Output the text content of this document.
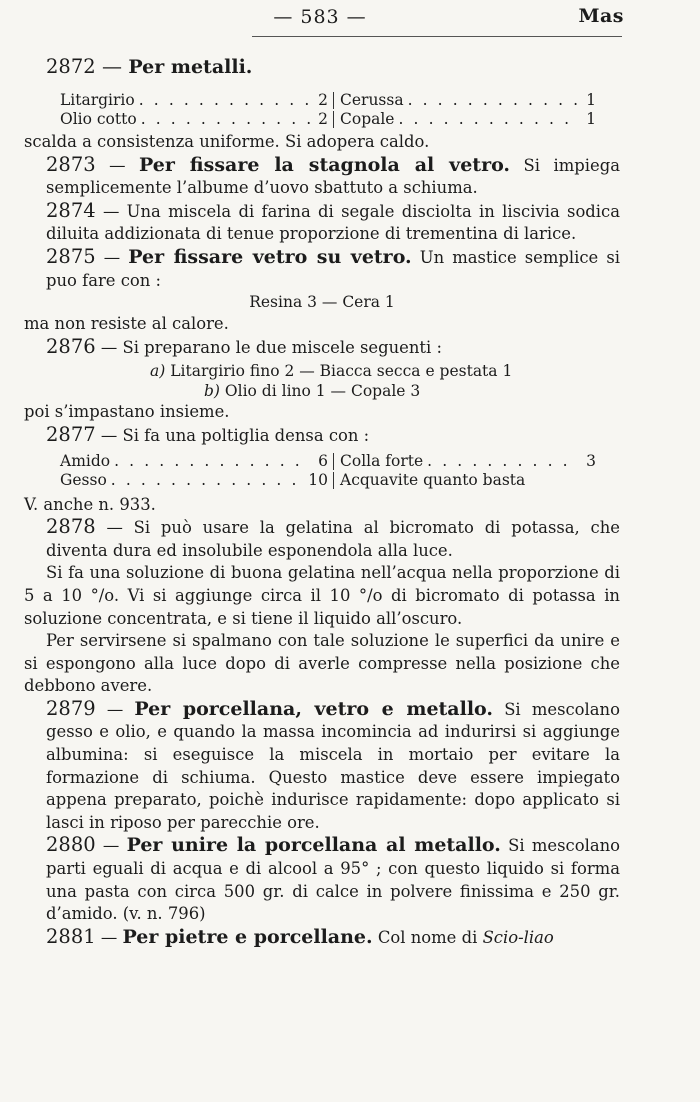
— 583 —	Mas

2872 — Per metalli.

Litargirio . . .	2 Cerussa . . .	1
Olio cotto . . .	2 Copale . . .	1

scalda a consistenza uniforme. Si adopera caldo.

2873 — Per fissare la stagnola al vetro. Si impiega semplicemente l’albume d’uovo sbattuto a schiuma.

2874 — Una miscela di farina di segale disciolta in liscivia sodica diluita addizionata di tenue proporzione di trementina di larice.

2875 — Per fissare vetro su vetro. Un mastice semplice si puo fare con :

Resina 3 — Cera 1

ma non resiste al calore.

2876 — Si preparano le due miscele seguenti :

a) Litargirio fino 2 — Biacca secca e pestata 1

b) Olio di lino 1 — Copale 3

poi s’impastano insieme.

2877 — Si fa una poltiglia densa con :

Amido . . .	6 Colla forte . . .	3
Gesso . . .	10 Acquavite quanto basta

V. anche n. 933.

2878 — Si può usare la gelatina al bicromato di potassa, che diventa dura ed insolubile esponendola alla luce.

Si fa una soluzione di buona gelatina nell’acqua nella proporzione di 5 a 10 °/o. Vi si aggiunge circa il 10 °/o di bicromato di potassa in soluzione concentrata, e si tiene il liquido all’oscuro.

Per servirsene si spalmano con tale soluzione le superfici da unire e si espongono alla luce dopo di averle compresse nella posizione che debbono avere.

2879 — Per porcellana, vetro e metallo. Si mescolano gesso e olio, e quando la massa incomincia ad indurirsi si aggiunge albumina: si eseguisce la miscela in mortaio per evitare la formazione di schiuma. Questo mastice deve essere impiegato appena preparato, poichè indurisce rapidamente: dopo applicato si lasci in riposo per parecchie ore.

2880 — Per unire la porcellana al metallo. Si mescolano parti eguali di acqua e di alcool a 95° ; con questo liquido si forma una pasta con circa 500 gr. di calce in polvere finissima e 250 gr. d’amido. (v. n. 796)

2881 — Per pietre e porcellane. Col nome di Scio-liao
